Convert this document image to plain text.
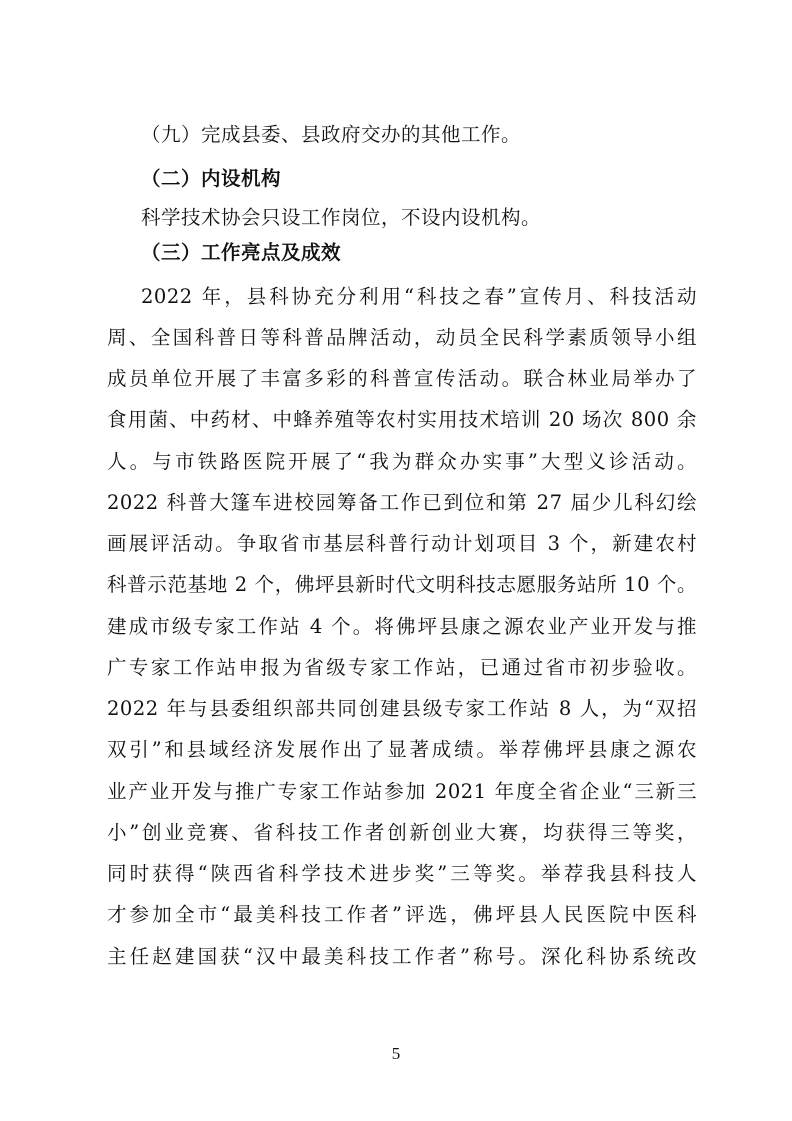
（九）完成县委、县政府交办的其他工作。

（二）内设机构

科学技术协会只设工作岗位，不设内设机构。

（三）工作亮点及成效

2022 年，县科协充分利用“科技之春”宣传月、科技活动

周、全国科普日等科普品牌活动，动员全民科学素质领导小组

成员单位开展了丰富多彩的科普宣传活动。联合林业局举办了

食用菌、中药材、中蜂养殖等农村实用技术培训 20 场次 800 余

人。与市铁路医院开展了“我为群众办实事”大型义诊活动。

2022 科普大篷车进校园筹备工作已到位和第 27 届少儿科幻绘

画展评活动。争取省市基层科普行动计划项目 3 个，新建农村

科普示范基地 2 个，佛坪县新时代文明科技志愿服务站所 10 个。

建成市级专家工作站 4 个。将佛坪县康之源农业产业开发与推

广专家工作站申报为省级专家工作站，已通过省市初步验收。

2022 年与县委组织部共同创建县级专家工作站 8 人，为“双招

双引”和县域经济发展作出了显著成绩。举荐佛坪县康之源农

业产业开发与推广专家工作站参加 2021 年度全省企业“三新三

小”创业竞赛、省科技工作者创新创业大赛，均获得三等奖，

同时获得“陕西省科学技术进步奖”三等奖。举荐我县科技人

才参加全市“最美科技工作者”评选，佛坪县人民医院中医科

主任赵建国获“汉中最美科技工作者”称号。深化科协系统改

5
